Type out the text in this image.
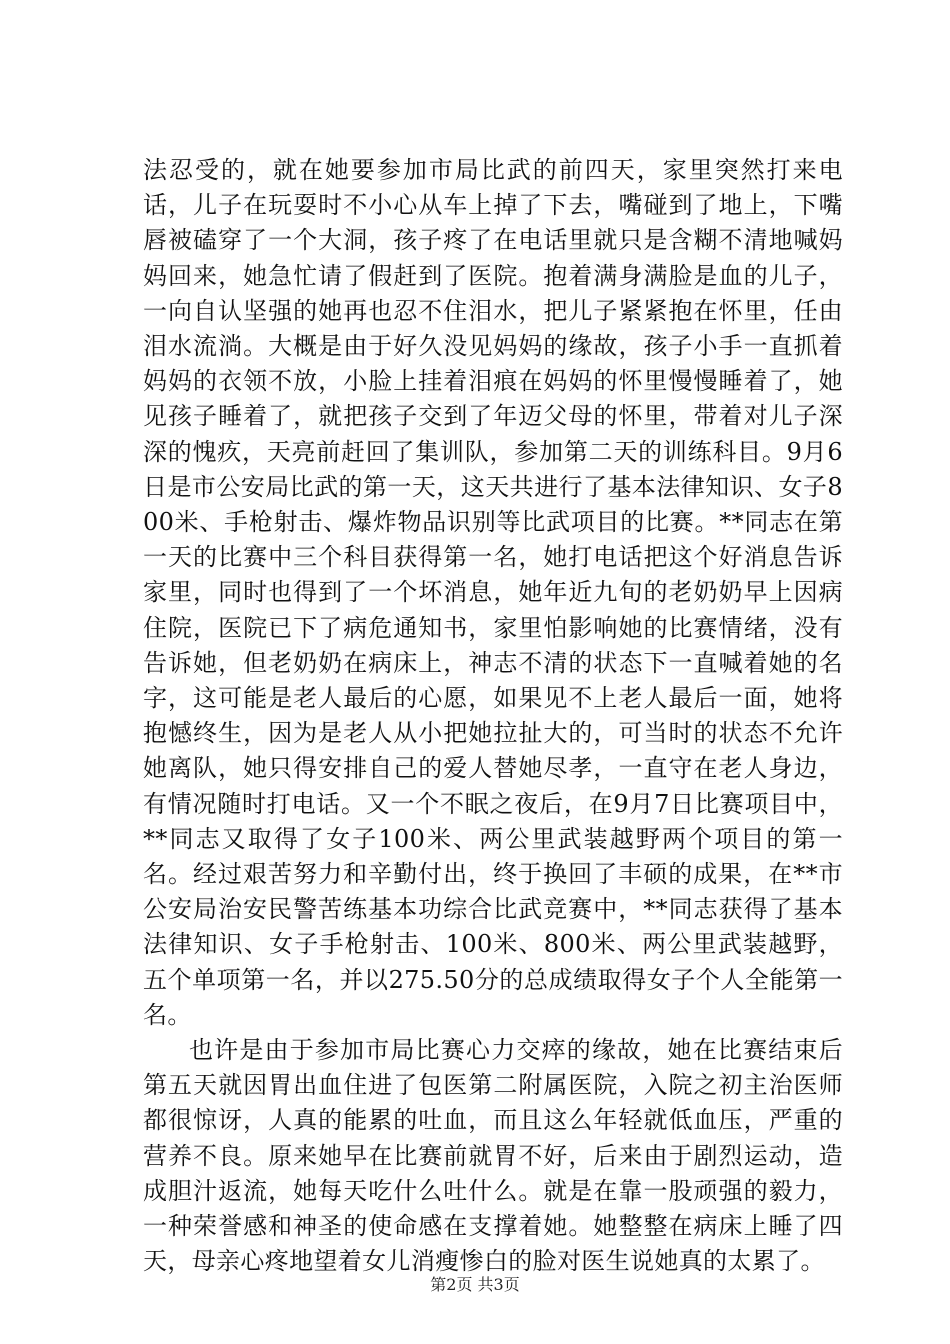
法忍受的，就在她要参加市局比武的前四天，家里突然打来电话，儿子在玩耍时不小心从车上掉了下去，嘴碰到了地上，下嘴唇被磕穿了一个大洞，孩子疼了在电话里就只是含糊不清地喊妈妈回来，她急忙请了假赶到了医院。抱着满身满脸是血的儿子，一向自认坚强的她再也忍不住泪水，把儿子紧紧抱在怀里，任由泪水流淌。大概是由于好久没见妈妈的缘故，孩子小手一直抓着妈妈的衣领不放，小脸上挂着泪痕在妈妈的怀里慢慢睡着了，她见孩子睡着了，就把孩子交到了年迈父母的怀里，带着对儿子深深的愧疚，天亮前赶回了集训队，参加第二天的训练科目。9月6日是市公安局比武的第一天，这天共进行了基本法律知识、女子800米、手枪射击、爆炸物品识别等比武项目的比赛。**同志在第一天的比赛中三个科目获得第一名，她打电话把这个好消息告诉家里，同时也得到了一个坏消息，她年近九旬的老奶奶早上因病住院，医院已下了病危通知书，家里怕影响她的比赛情绪，没有告诉她，但老奶奶在病床上，神志不清的状态下一直喊着她的名字，这可能是老人最后的心愿，如果见不上老人最后一面，她将抱憾终生，因为是老人从小把她拉扯大的，可当时的状态不允许她离队，她只得安排自己的爱人替她尽孝，一直守在老人身边，有情况随时打电话。又一个不眠之夜后，在9月7日比赛项目中，**同志又取得了女子100米、两公里武装越野两个项目的第一名。经过艰苦努力和辛勤付出，终于换回了丰硕的成果，在**市公安局治安民警苦练基本功综合比武竞赛中，**同志获得了基本法律知识、女子手枪射击、100米、800米、两公里武装越野，五个单项第一名，并以275.50分的总成绩取得女子个人全能第一名。

也许是由于参加市局比赛心力交瘁的缘故，她在比赛结束后第五天就因胃出血住进了包医第二附属医院，入院之初主治医师都很惊讶，人真的能累的吐血，而且这么年轻就低血压，严重的营养不良。原来她早在比赛前就胃不好，后来由于剧烈运动，造成胆汁返流，她每天吃什么吐什么。就是在靠一股顽强的毅力，一种荣誉感和神圣的使命感在支撑着她。她整整在病床上睡了四天，母亲心疼地望着女儿消瘦惨白的脸对医生说她真的太累了。

第2页 共3页
